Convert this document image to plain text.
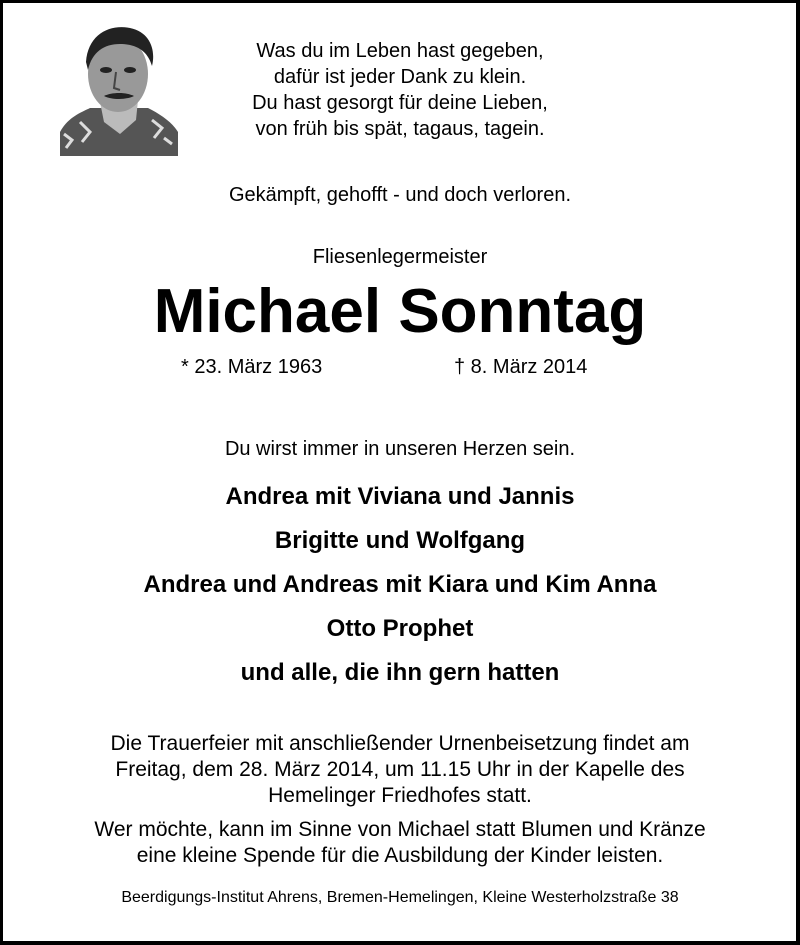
Was du im Leben hast gegeben,
dafür ist jeder Dank zu klein.
Du hast gesorgt für deine Lieben,
von früh bis spät, tagaus, tagein.
Gekämpft, gehofft - und doch verloren.
Fliesenlegermeister
Michael Sonntag
* 23. März 1963	† 8. März 2014
Du wirst immer in unseren Herzen sein.
Andrea mit Viviana und Jannis
Brigitte und Wolfgang
Andrea und Andreas mit Kiara und Kim Anna
Otto Prophet
und alle, die ihn gern hatten
Die Trauerfeier mit anschließender Urnenbeisetzung findet am
Freitag, dem 28. März 2014, um 11.15 Uhr in der Kapelle des
Hemelinger Friedhofes statt.
Wer möchte, kann im Sinne von Michael statt Blumen und Kränze
eine kleine Spende für die Ausbildung der Kinder leisten.
Beerdigungs-Institut Ahrens, Bremen-Hemelingen, Kleine Westerholzstraße 38
